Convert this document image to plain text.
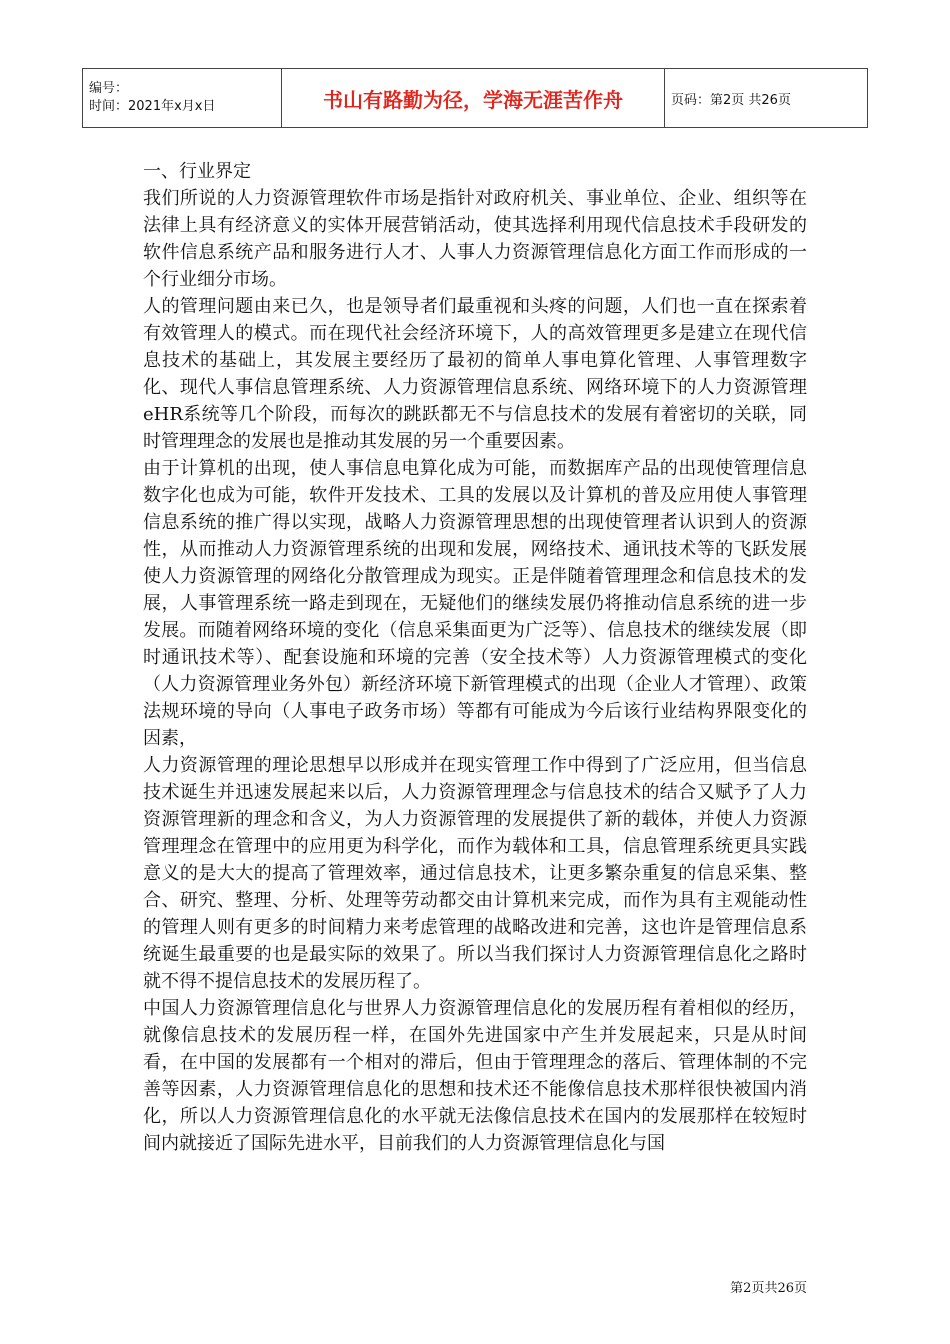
编号：
时间：2021年x月x日	书山有路勤为径，学海无涯苦作舟	页码：第2页 共26页

一、行业界定

我们所说的人力资源管理软件市场是指针对政府机关、事业单位、企业、组织等在法律上具有经济意义的实体开展营销活动，使其选择利用现代信息技术手段研发的软件信息系统产品和服务进行人才、人事人力资源管理信息化方面工作而形成的一个行业细分市场。

人的管理问题由来已久，也是领导者们最重视和头疼的问题，人们也一直在探索着有效管理人的模式。而在现代社会经济环境下，人的高效管理更多是建立在现代信息技术的基础上，其发展主要经历了最初的简单人事电算化管理、人事管理数字化、现代人事信息管理系统、人力资源管理信息系统、网络环境下的人力资源管理eHR系统等几个阶段，而每次的跳跃都无不与信息技术的发展有着密切的关联，同时管理理念的发展也是推动其发展的另一个重要因素。

由于计算机的出现，使人事信息电算化成为可能，而数据库产品的出现使管理信息数字化也成为可能，软件开发技术、工具的发展以及计算机的普及应用使人事管理信息系统的推广得以实现，战略人力资源管理思想的出现使管理者认识到人的资源性，从而推动人力资源管理系统的出现和发展，网络技术、通讯技术等的飞跃发展使人力资源管理的网络化分散管理成为现实。正是伴随着管理理念和信息技术的发展，人事管理系统一路走到现在，无疑他们的继续发展仍将推动信息系统的进一步发展。而随着网络环境的变化（信息采集面更为广泛等）、信息技术的继续发展（即时通讯技术等）、配套设施和环境的完善（安全技术等）人力资源管理模式的变化（人力资源管理业务外包）新经济环境下新管理模式的出现（企业人才管理）、政策法规环境的导向（人事电子政务市场）等都有可能成为今后该行业结构界限变化的因素，

人力资源管理的理论思想早以形成并在现实管理工作中得到了广泛应用，但当信息技术诞生并迅速发展起来以后，人力资源管理理念与信息技术的结合又赋予了人力资源管理新的理念和含义，为人力资源管理的发展提供了新的载体，并使人力资源管理理念在管理中的应用更为科学化，而作为载体和工具，信息管理系统更具实践意义的是大大的提高了管理效率，通过信息技术，让更多繁杂重复的信息采集、整合、研究、整理、分析、处理等劳动都交由计算机来完成，而作为具有主观能动性的管理人则有更多的时间精力来考虑管理的战略改进和完善，这也许是管理信息系统诞生最重要的也是最实际的效果了。所以当我们探讨人力资源管理信息化之路时就不得不提信息技术的发展历程了。

中国人力资源管理信息化与世界人力资源管理信息化的发展历程有着相似的经历，就像信息技术的发展历程一样，在国外先进国家中产生并发展起来，只是从时间看，在中国的发展都有一个相对的滞后，但由于管理理念的落后、管理体制的不完善等因素，人力资源管理信息化的思想和技术还不能像信息技术那样很快被国内消化，所以人力资源管理信息化的水平就无法像信息技术在国内的发展那样在较短时间内就接近了国际先进水平，目前我们的人力资源管理信息化与国

第2页共26页
